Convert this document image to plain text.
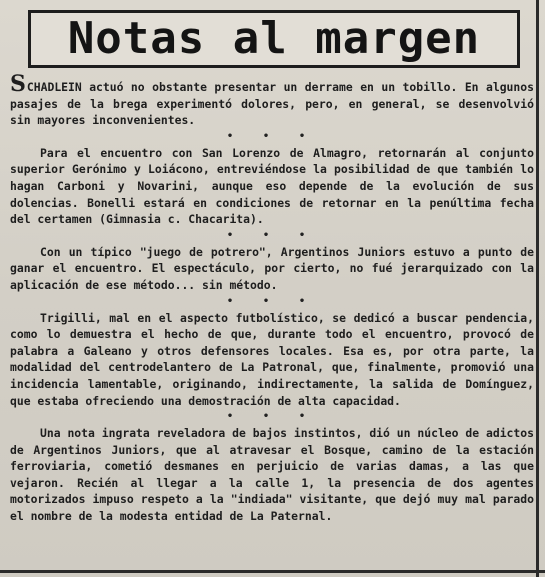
Notas al margen

SCHADLEIN actuó no obstante presentar un derrame en un tobillo. En algunos pasajes de la brega experimentó dolores, pero, en general, se desenvolvió sin mayores inconvenientes.

• • •

Para el encuentro con San Lorenzo de Almagro, retornarán al conjunto superior Gerónimo y Loiácono, entreviéndose la posibilidad de que también lo hagan Carboni y Novarini, aunque eso depende de la evolución de sus dolencias. Bonelli estará en condiciones de retornar en la penúltima fecha del certamen (Gimnasia c. Chacarita).

• • •

Con un típico "juego de potrero", Argentinos Juniors estuvo a punto de ganar el encuentro. El espectáculo, por cierto, no fué jerarquizado con la aplicación de ese método... sin método.

• • •

Trigilli, mal en el aspecto futbolístico, se dedicó a buscar pendencia, como lo demuestra el hecho de que, durante todo el encuentro, provocó de palabra a Galeano y otros defensores locales. Esa es, por otra parte, la modalidad del centrodelantero de La Patronal, que, finalmente, promovió una incidencia lamentable, originando, indirectamente, la salida de Domínguez, que estaba ofreciendo una demostración de alta capacidad.

• • •

Una nota ingrata reveladora de bajos instintos, dió un núcleo de adictos de Argentinos Juniors, que al atravesar el Bosque, camino de la estación ferroviaria, cometió desmanes en perjuicio de varias damas, a las que vejaron. Recién al llegar a la calle 1, la presencia de dos agentes motorizados impuso respeto a la "indiada" visitante, que dejó muy mal parado el nombre de la modesta entidad de La Paternal.
